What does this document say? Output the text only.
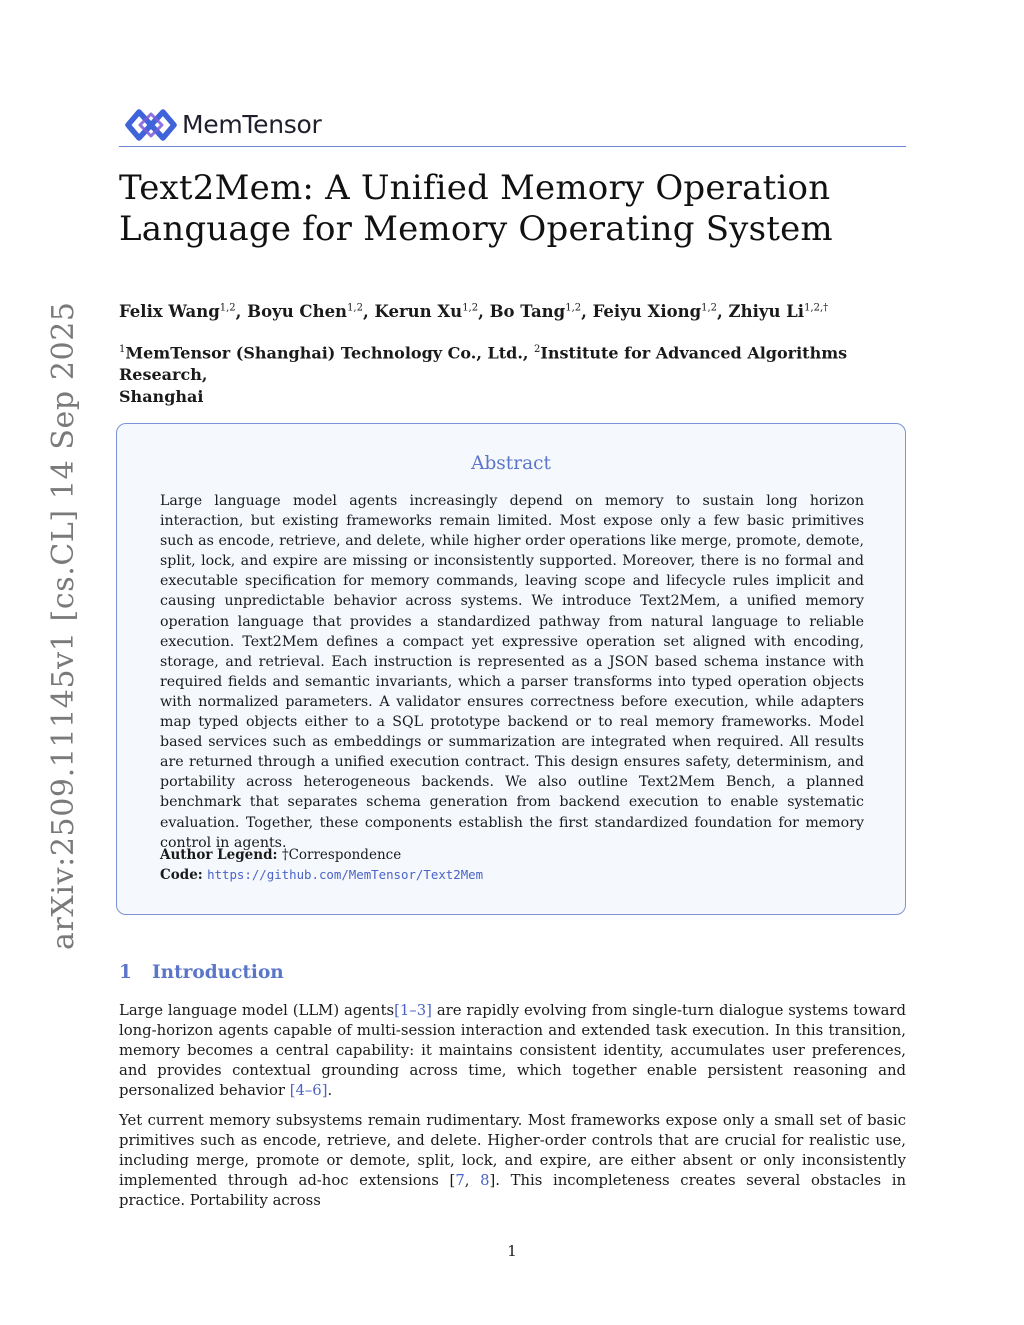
MemTensor
Text2Mem: A Unified Memory Operation
Language for Memory Operating System
Felix Wang$^{1,2}$, Boyu Chen$^{1,2}$, Kerun Xu$^{1,2}$, Bo Tang$^{1,2}$, Feiyu Xiong$^{1,2}$, Zhiyu $Li^{1,2,\dagger}$
$^1$MemTensor (Shanghai) Technology Co., Ltd., $^2$Institute for Advanced Algorithms Research,
Shanghai
arXiv:2509.11145v1 [cs.CL] 14 Sep 2025	Abstract
Large language model agents increasingly depend on memory to sustain long horizon interaction, but existing frameworks remain limited. Most expose only a few basic primitives such as encode, retrieve, and delete, while higher order operations like merge, promote, demote, split, lock, and expire are missing or inconsistently supported. Moreover, there is no formal and executable specification for memory commands, leaving scope and lifecycle rules implicit and causing unpredictable behavior across systems. We introduce Text2Mem, a unified memory operation language that provides a standardized pathway from natural language to reliable execution. Text2Mem defines a compact yet expressive operation set aligned with encoding, storage, and retrieval. Each instruction is represented as a JSON based schema instance with required fields and semantic invariants, which a parser transforms into typed operation objects with normalized parameters. A validator ensures correctness before execution, while adapters map typed objects either to a SQL prototype backend or to real memory frameworks. Model based services such as embeddings or summarization are integrated when required. All results are returned through a unified execution contract. This design ensures safety, determinism, and portability across heterogeneous backends. We also outline Text2Mem Bench, a planned benchmark that separates schema generation from backend execution to enable systematic evaluation. Together, these components establish the first standardized foundation for memory control in agents.
Author Legend: †Correspondence
Code: https://github.com/MemTensor/Text2Mem
1 Introduction

Large language model (LLM) agents[1–3] are rapidly evolving from single-turn dialogue systems toward long-horizon agents capable of multi-session interaction and extended task execution. In this transition, memory becomes a central capability: it maintains consistent identity, accumulates user preferences, and provides contextual grounding across time, which together enable persistent reasoning and personalized behavior [4–6].

Yet current memory subsystems remain rudimentary. Most frameworks expose only a small set of basic primitives such as encode, retrieve, and delete. Higher-order controls that are crucial for realistic use, including merge, promote or demote, split, lock, and expire, are either absent or only inconsistently implemented through ad-hoc extensions [7, 8]. This incompleteness creates several obstacles in practice. Portability across

1
